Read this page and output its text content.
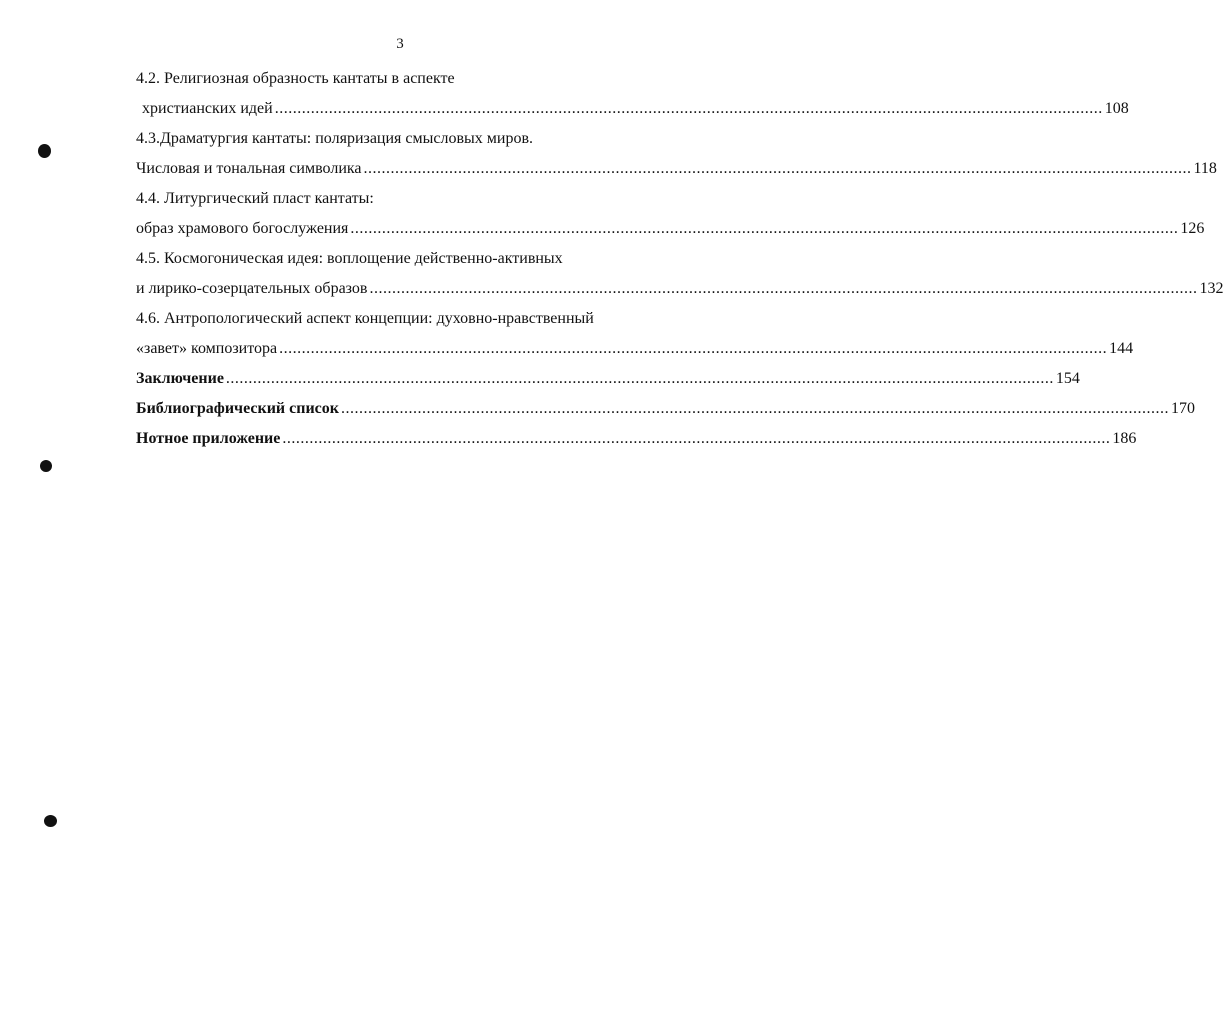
3
4.2. Религиозная образность кантаты в аспекте
христианских идей ........................................................................................................................................................................................ 108
4.3.Драматургия кантаты: поляризация смысловых миров.
Числовая и тональная символика ........................................................................................................................................................................................ 118
4.4. Литургический пласт кантаты:
образ храмового богослужения ........................................................................................................................................................................................ 126
4.5. Космогоническая идея: воплощение действенно-активных
и лирико-созерцательных образов ........................................................................................................................................................................................ 132
4.6. Антропологический аспект концепции: духовно-нравственный
«завет» композитора ........................................................................................................................................................................................ 144
Заключение ........................................................................................................................................................................................ 154
Библиографический список ........................................................................................................................................................................................ 170
Нотное приложение ........................................................................................................................................................................................ 186
